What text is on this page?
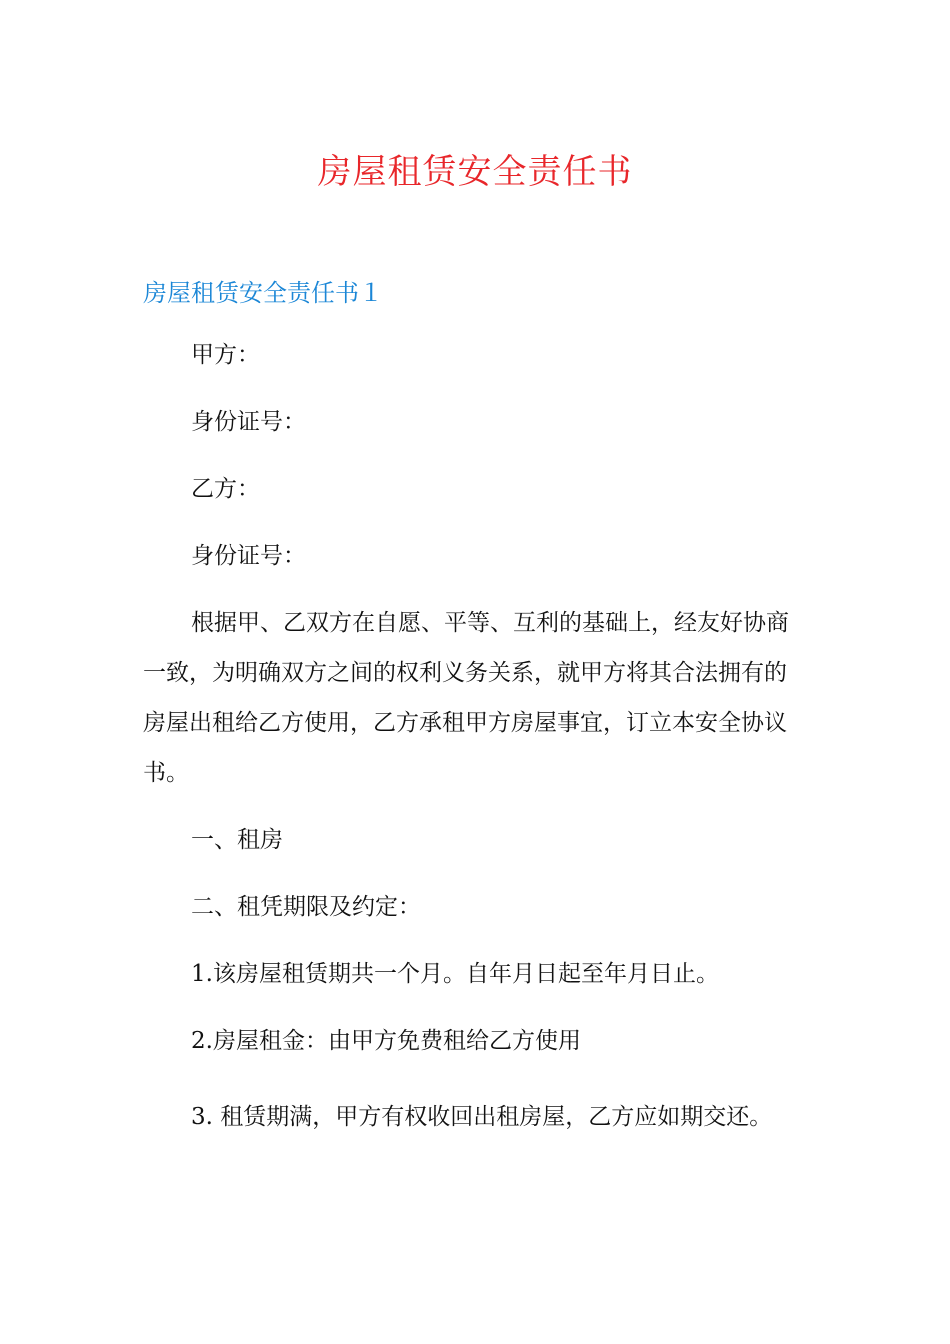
房屋租赁安全责任书
房屋租赁安全责任书１
甲方：
身份证号：
乙方：
身份证号：
根据甲、乙双方在自愿、平等、互利的基础上，经友好协商
一致，为明确双方之间的权利义务关系，就甲方将其合法拥有的
房屋出租给乙方使用，乙方承租甲方房屋事宜，订立本安全协议
书。
一、租房
二、租凭期限及约定：
1.该房屋租赁期共一个月。自年月日起至年月日止。
2.房屋租金：由甲方免费租给乙方使用
3. 租赁期满，甲方有权收回出租房屋，乙方应如期交还。
